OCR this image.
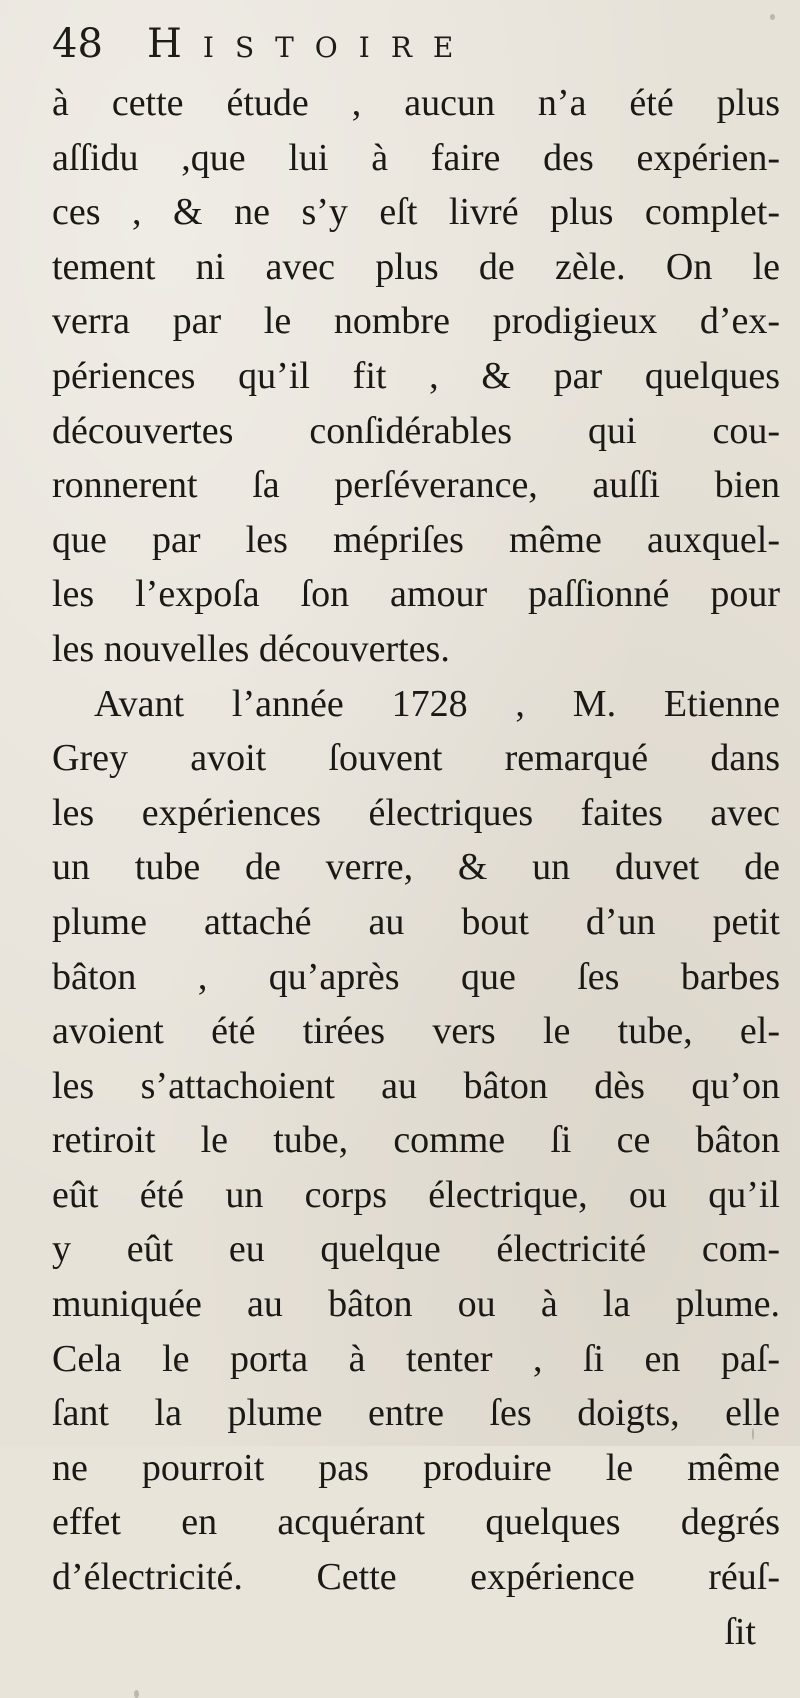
48 Histoire
à cette étude , aucun n’a été plus
aſſidu ,que lui à faire des expérien-
ces , & ne s’y eſt livré plus complet-
tement ni avec plus de zèle. On le
verra par le nombre prodigieux d’ex-
périences qu’il fit , & par quelques
découvertes conſidérables qui cou-
ronnerent ſa perſéverance, auſſi bien
que par les mépriſes même auxquel-
les l’expoſa ſon amour paſſionné pour
les nouvelles découvertes.
Avant l’année 1728 , M. Etienne
Grey avoit ſouvent remarqué dans
les expériences électriques faites avec
un tube de verre, & un duvet de
plume attaché au bout d’un petit
bâton , qu’après que ſes barbes
avoient été tirées vers le tube, el-
les s’attachoient au bâton dès qu’on
retiroit le tube, comme ſi ce bâton
eût été un corps électrique, ou qu’il
y eût eu quelque électricité com-
muniquée au bâton ou à la plume.
Cela le porta à tenter , ſi en paſ-
ſant la plume entre ſes doigts, elle
ne pourroit pas produire le même
effet en acquérant quelques degrés
d’électricité. Cette expérience réuſ-
ſit
